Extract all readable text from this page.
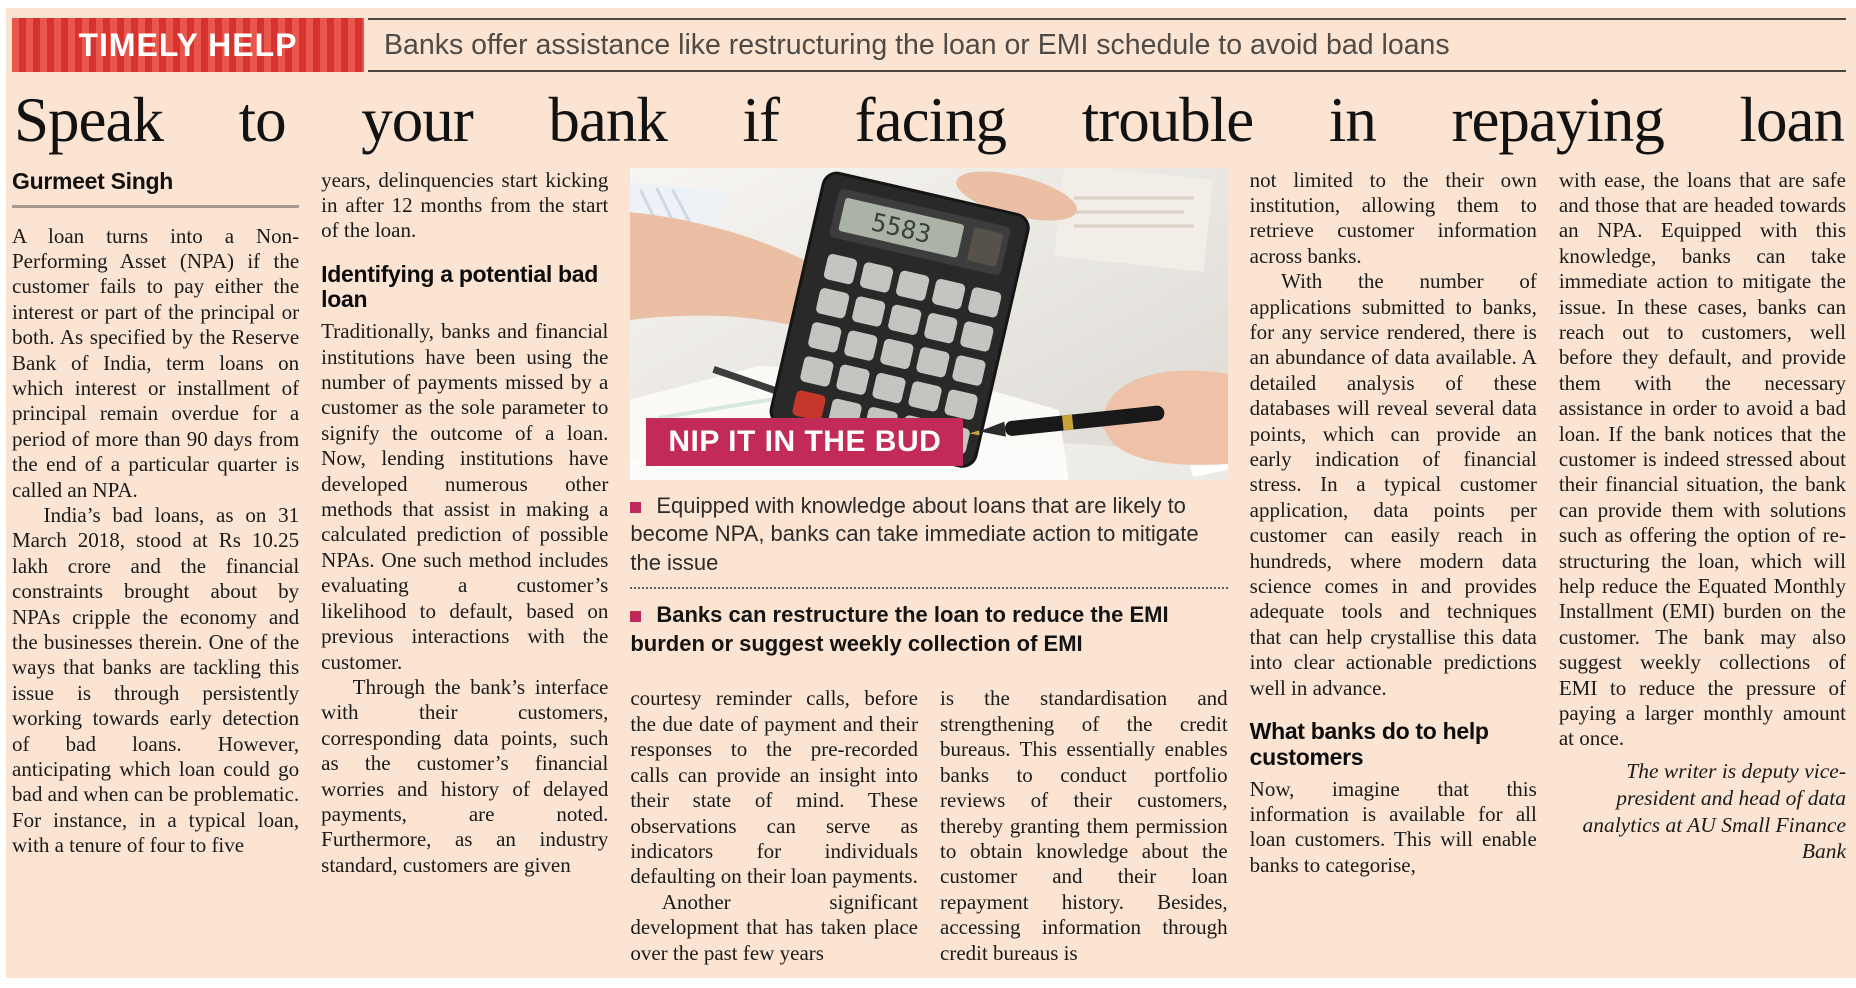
TIMELY HELP	Banks offer assistance like restructuring the loan or EMI schedule to avoid bad loans
Speak to your bank if facing trouble in repaying loan
Gurmeet Singh

A loan turns into a Non-Performing Asset (NPA) if the customer fails to pay either the interest or part of the principal or both. As specified by the Reserve Bank of India, term loans on which interest or installment of principal remain overdue for a period of more than 90 days from the end of a particular quarter is called an NPA.

India’s bad loans, as on 31 March 2018, stood at Rs 10.25 lakh crore and the financial constraints brought about by NPAs cripple the economy and the businesses therein. One of the ways that banks are tackling this issue is through persistently working towards early detection of bad loans. However, anticipating which loan could go bad and when can be problematic. For instance, in a typical loan, with a tenure of four to five

years, delinquencies start kicking in after 12 months from the start of the loan.

Identifying a potential bad loan

Traditionally, banks and financial institutions have been using the number of payments missed by a customer as the sole parameter to signify the outcome of a loan. Now, lending institutions have developed numerous other methods that assist in making a calculated prediction of possible NPAs. One such method includes evaluating a customer’s likelihood to default, based on previous interactions with the customer.

Through the bank’s interface with their customers, corresponding data points, such as the customer’s financial worries and history of delayed payments, are noted. Furthermore, as an industry standard, customers are given

5583
NIP IT IN THE BUD

Equipped with knowledge about loans that are likely to become NPA, banks can take immediate action to mitigate the issue

Banks can restructure the loan to reduce the EMI burden or suggest weekly collection of EMI

courtesy reminder calls, before the due date of payment and their responses to the pre-recorded calls can provide an insight into their state of mind. These observations can serve as indicators for individuals defaulting on their loan payments.

Another significant development that has taken place over the past few years

is the standardisation and strengthening of the credit bureaus. This essentially enables banks to conduct portfolio reviews of their customers, thereby granting them permission to obtain knowledge about the customer and their loan repayment history. Besides, accessing information through credit bureaus is

not limited to the their own institution, allowing them to retrieve customer information across banks.

With the number of applications submitted to banks, for any service rendered, there is an abundance of data available. A detailed analysis of these databases will reveal several data points, which can provide an early indication of financial stress. In a typical customer application, data points per customer can easily reach in hundreds, where modern data science comes in and provides adequate tools and techniques that can help crystallise this data into clear actionable predictions well in advance.

What banks do to help customers

Now, imagine that this information is available for all loan customers. This will enable banks to categorise,

with ease, the loans that are safe and those that are headed towards an NPA. Equipped with this knowledge, banks can take immediate action to mitigate the issue. In these cases, banks can reach out to customers, well before they default, and provide them with the necessary assistance in order to avoid a bad loan. If the bank notices that the customer is indeed stressed about their financial situation, the bank can provide them with solutions such as offering the option of re-structuring the loan, which will help reduce the Equated Monthly Installment (EMI) burden on the customer. The bank may also suggest weekly collections of EMI to reduce the pressure of paying a larger monthly amount at once.

The writer is deputy vice-president and head of data analytics at AU Small Finance Bank
